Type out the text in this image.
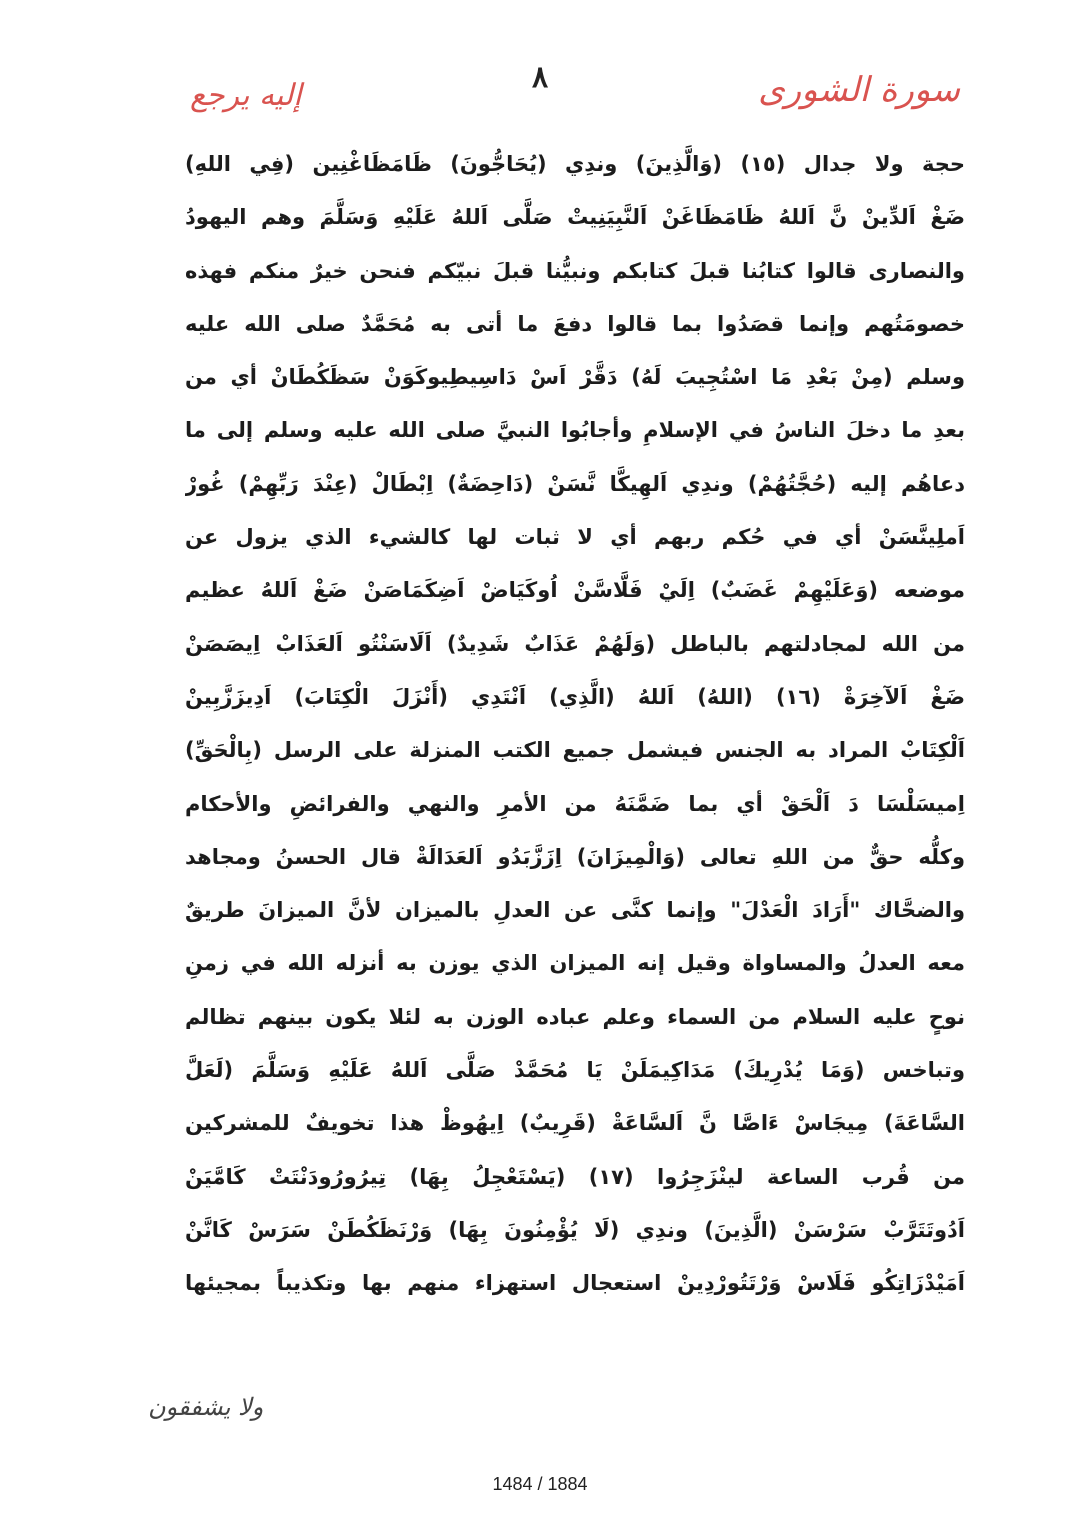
٨	سورة الشورى
إليه يرجع
حجة ولا جدال (١٥) (وَالَّذِينَ) وندِي (يُحَاجُّونَ) ظَامَظَاغْنِين (فِي اللهِ)
ضَغْ اَلدِّينْ نَّ اَللهُ ظَامَظَاغَنْ اَلنَّبِيَنِيتْ صَلَّى اَللهُ عَلَيْهِ وَسَلَّمَ وهم اليهودُ
والنصارى قالوا كتابُنا قبلَ كتابكم ونبيُّنا قبلَ نبيّكم فنحن خيرٌ منكم فهذه
خصومَتُهم وإنما قصَدُوا بما قالوا دفعَ ما أتى به مُحَمَّدٌ صلى الله عليه
وسلم (مِنْ بَعْدِ مَا اسْتُجِيبَ لَهُ) دَقَّرْ اَسْ دَاسِيطِيوكَوَنْ سَظَكُطَانْ أي من
بعدِ ما دخلَ الناسُ في الإسلامِ وأجابُوا النبيَّ صلى الله عليه وسلم إلى ما
دعاهُم إليه (حُجَّتُهُمْ) وندِي اَلهِيكَّا نَّسَنْ (دَاحِضَةٌ) اِبْطَالْ (عِنْدَ رَبِّهِمْ) غُورْ
اَملِينَّسَنْ أي في حُكم ربهم أي لا ثبات لها كالشيء الذي يزول عن
موضعه (وَعَلَيْهِمْ غَضَبٌ) اِلَيْ فَلَّاسَّنْ اُوكَيَاضْ اَضِكَمَاصَنْ ضَغْ اَللهُ عظيم
من الله لمجادلتهم بالباطل (وَلَهُمْ عَذَابٌ شَدِيدٌ) اَلَاسَنْتُو اَلعَذَابْ اِيصَصَنْ
ضَغْ اَلآخِرَةْ (١٦) (اللهُ) اَللهُ (الَّذِي) اَنْتَدِي (أَنْزَلَ الْكِتَابَ) اَدِيزَزَّبِينْ
اَلْكِتَابْ المراد به الجنس فيشمل جميع الكتب المنزلة على الرسل (بِالْحَقِّ)
اِميسَلْسَا دَ اَلْحَقْ أي بما ضَمَّنَهُ من الأمرِ والنهي والفرائضِ والأحكام
وكلُّه حقٌّ من اللهِ تعالى (وَالْمِيزَانَ) اِزَزَّبَدُو اَلعَدَالَةْ قال الحسنُ ومجاهد
والضحَّاك "أَرَادَ الْعَدْلَ" وإنما كنَّى عن العدلِ بالميزان لأنَّ الميزانَ طريقٌ
معه العدلُ والمساواة وقيل إنه الميزان الذي يوزن به أنزله الله في زمنِ
نوحٍ عليه السلام من السماء وعلم عباده الوزن به لئلا يكون بينهم تظالم
وتباخس (وَمَا يُدْرِيكَ) مَدَاكِيمَلَنْ يَا مُحَمَّدْ صَلَّى اَللهُ عَلَيْهِ وَسَلَّمَ (لَعَلَّ
السَّاعَةَ) مِيجَاسْ ءَاصَّا نَّ اَلسَّاعَةْ (قَرِيبٌ) اِيهُوظْ هذا تخويفٌ للمشركين
من قُرب الساعة لينْزَجِرُوا (١٧) (يَسْتَعْجِلُ بِهَا) تِيرُورُودَنْتَتْ كَامَّيَنْ
اَدُوتَتَرَّبْ سَرْسَنْ (الَّذِينَ) وندِي (لَا يُؤْمِنُونَ بِهَا) وَرْنَظَكُطَنْ سَرَسْ كَانَّنْ
اَمَيْدْزَاتِكُو فَلَاسْ وَرْتَتُورْدِينْ استعجال استهزاء منهم بها وتكذيباً بمجيئها
ولا يشفقون
1484 / 1884
